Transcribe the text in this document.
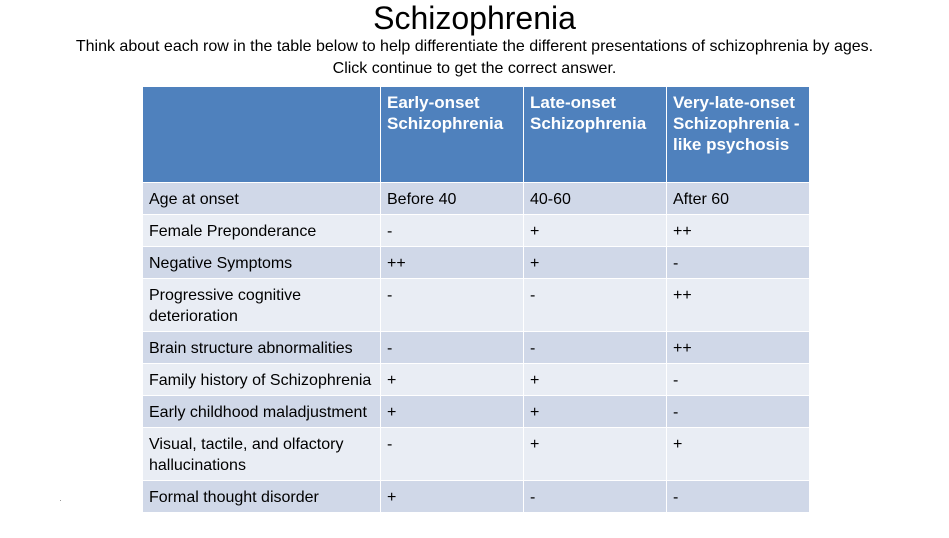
Schizophrenia
Think about each row in the table below to help differentiate the different presentations of schizophrenia by ages.
Click continue to get the correct answer.
	Early-onset Schizophrenia	Late-onset Schizophrenia	Very-late-onset Schizophrenia -like psychosis
Age at onset	Before 40	40-60	After 60
Female Preponderance	-	+	++
Negative Symptoms	++	+	-
Progressive cognitive deterioration	-	-	++
Brain structure abnormalities	-	-	++
Family history of Schizophrenia	+	+	-
Early childhood maladjustment	+	+	-
Visual, tactile, and olfactory hallucinations	-	+	+
Formal thought disorder	+	-	-
